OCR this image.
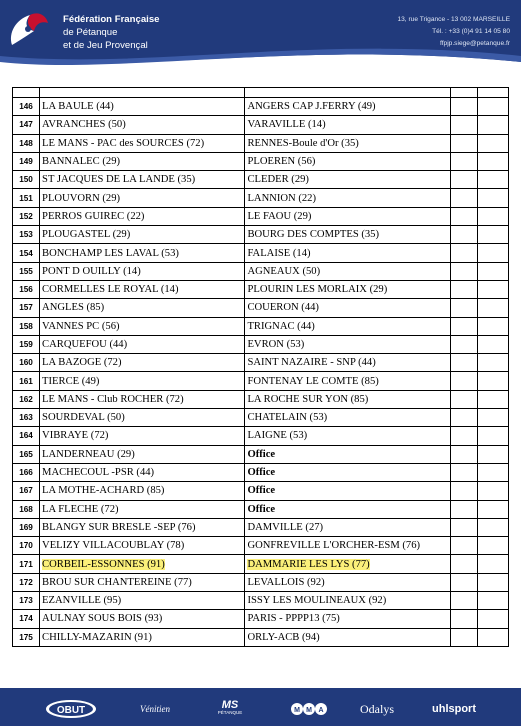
Fédération Française
de Pétanque
et de Jeu Provençal
13, rue Trigance - 13 002 MARSEILLE
Tél. : +33 (0)4 91 14 05 80
ffpjp.siege@petanque.fr

146	LA BAULE (44)	ANGERS CAP J.FERRY (49)		
147	AVRANCHES (50)	VARAVILLE (14)		
148	LE MANS - PAC des SOURCES (72)	RENNES-Boule d'Or (35)		
149	BANNALEC (29)	PLOEREN (56)		
150	ST JACQUES DE LA LANDE (35)	CLEDER (29)		
151	PLOUVORN (29)	LANNION (22)		
152	PERROS GUIREC (22)	LE FAOU (29)		
153	PLOUGASTEL (29)	BOURG DES COMPTES (35)		
154	BONCHAMP LES LAVAL (53)	FALAISE (14)		
155	PONT D OUILLY (14)	AGNEAUX (50)		
156	CORMELLES LE ROYAL (14)	PLOURIN LES MORLAIX (29)		
157	ANGLES (85)	COUERON (44)		
158	VANNES PC (56)	TRIGNAC (44)		
159	CARQUEFOU (44)	EVRON (53)		
160	LA BAZOGE (72)	SAINT NAZAIRE - SNP (44)		
161	TIERCE (49)	FONTENAY LE COMTE (85)		
162	LE MANS - Club ROCHER (72)	LA ROCHE SUR YON (85)		
163	SOURDEVAL (50)	CHATELAIN (53)		
164	VIBRAYE (72)	LAIGNE (53)		
165	LANDERNEAU (29)	Office		
166	MACHECOUL -PSR (44)	Office		
167	LA MOTHE-ACHARD (85)	Office		
168	LA FLECHE (72)	Office		
169	BLANGY SUR BRESLE -SEP (76)	DAMVILLE (27)		
170	VELIZY VILLACOUBLAY (78)	GONFREVILLE L'ORCHER-ESM (76)		
171	CORBEIL-ESSONNES (91)	DAMMARIE LES LYS (77)		
172	BROU SUR CHANTEREINE (77)	LEVALLOIS (92)		
173	EZANVILLE (95)	ISSY LES MOULINEAUX (92)		
174	AULNAY SOUS BOIS (93)	PARIS - PPPP13 (75)		
175	CHILLY-MAZARIN (91)	ORLY-ACB (94)		
OBUT	Vénitien	MS
PÉTANQUE	M M A	Odalys	uhlsport
